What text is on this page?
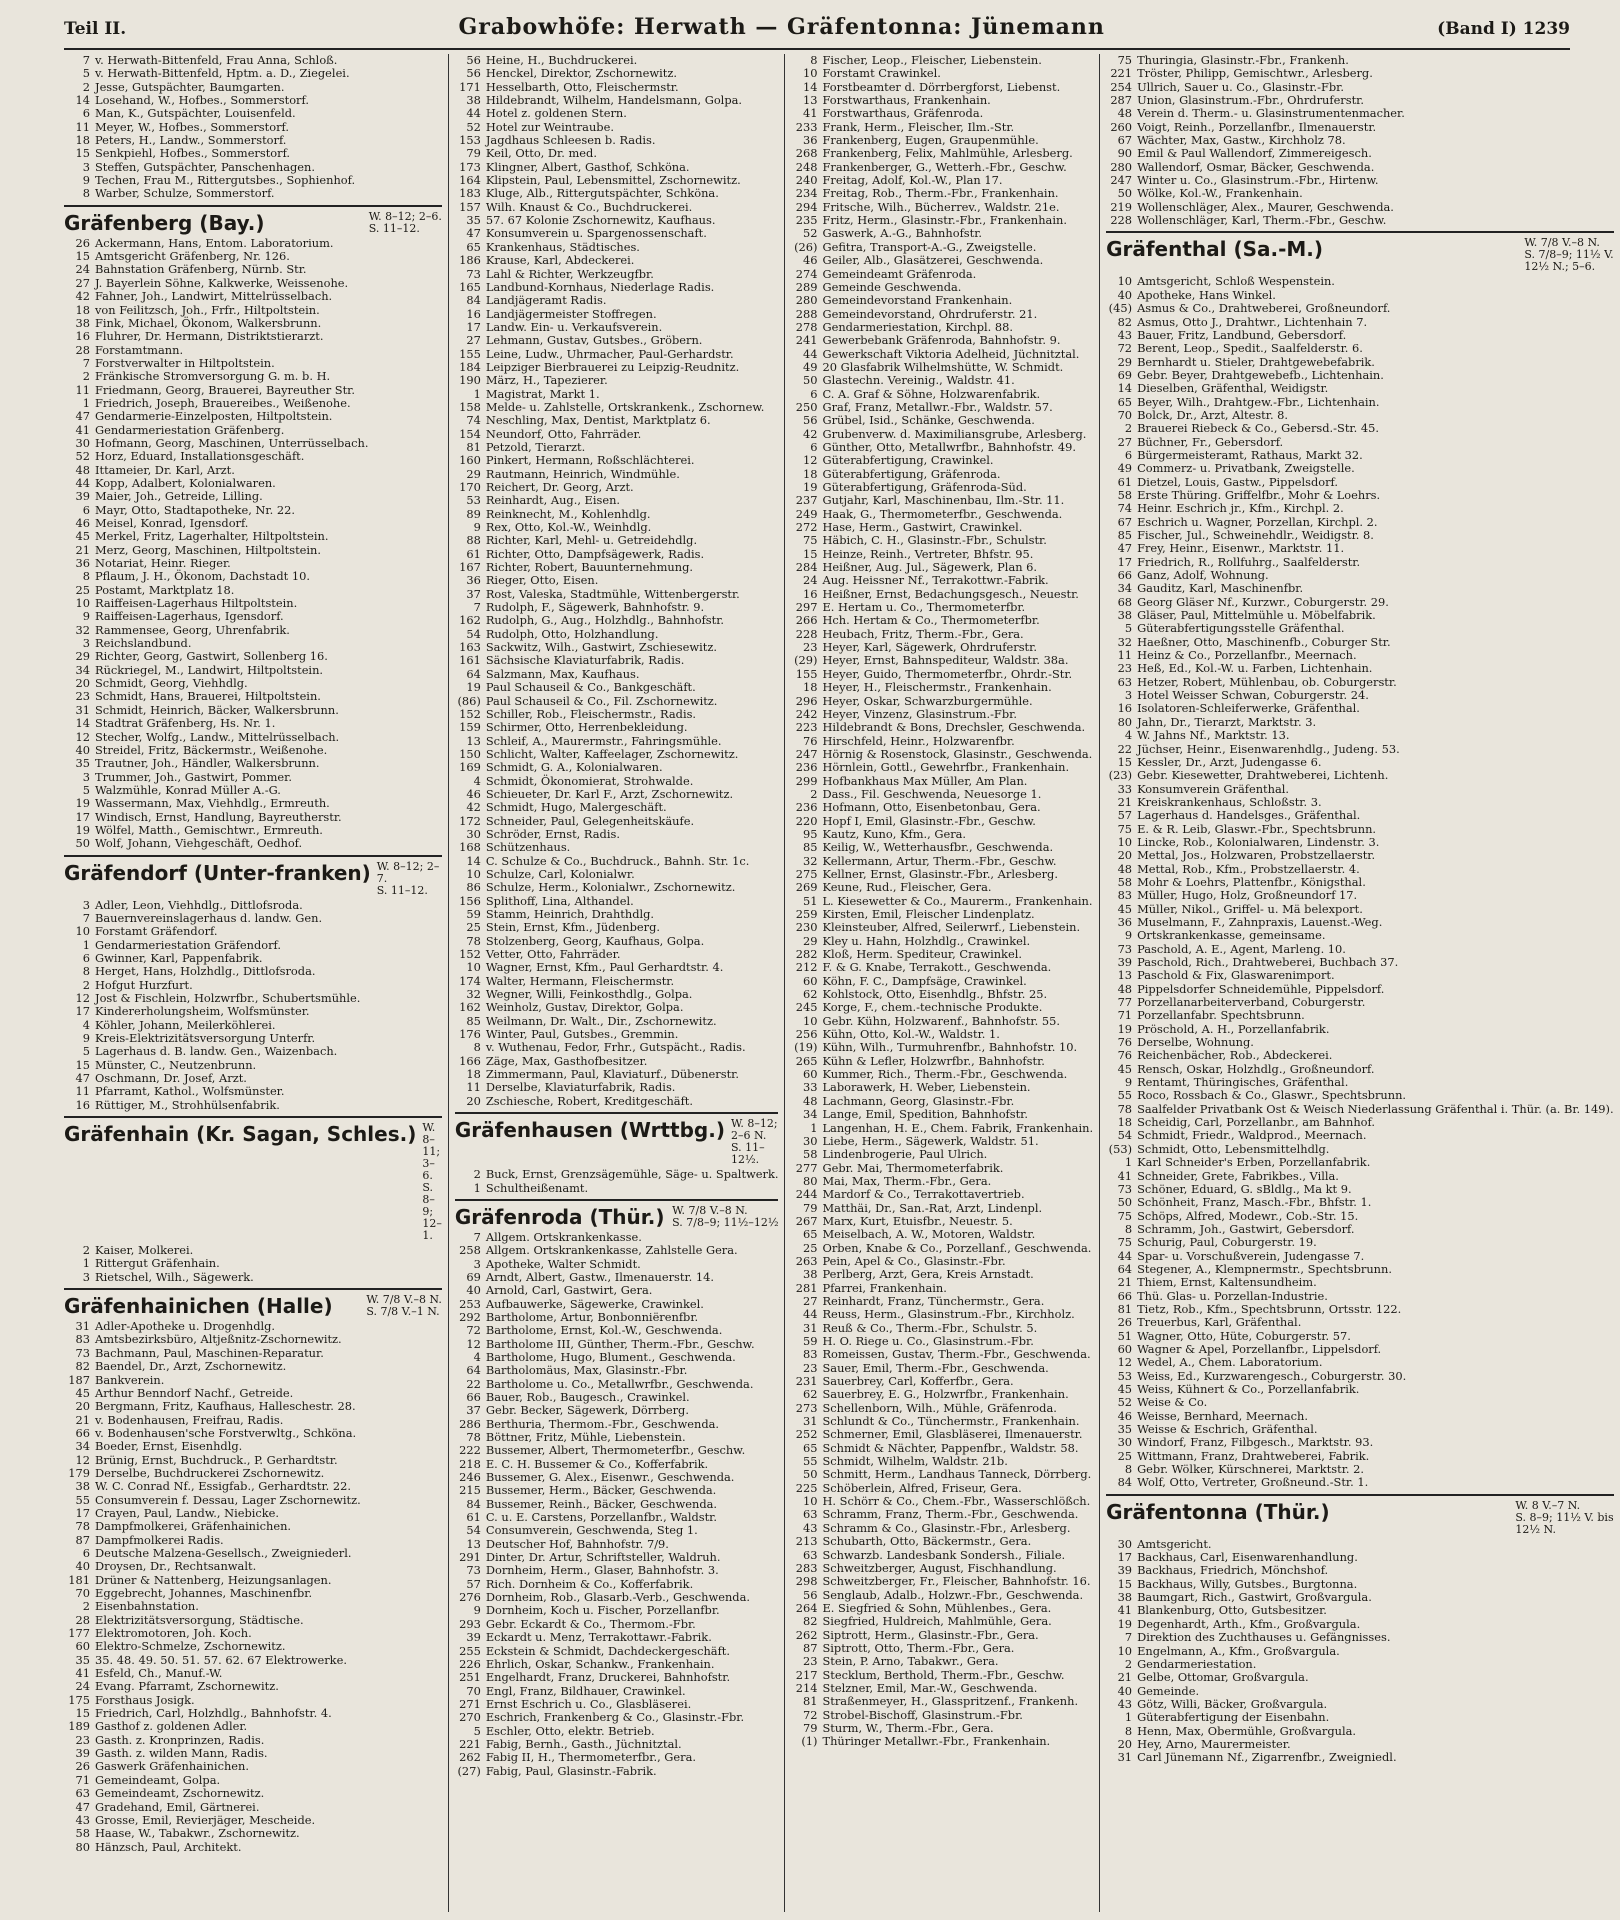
Teil II.	Grabowhöfe: Herwath — Gräfentonna: Jünemann	(Band I) 1239
7 v. Herwath-Bittenfeld, Frau Anna, Schloß.
5 v. Herwath-Bittenfeld, Hptm. a. D., Ziegelei.
2 Jesse, Gutspächter, Baumgarten.
14 Losehand, W., Hofbes., Sommerstorf.
6 Man, K., Gutspächter, Louisenfeld.
11 Meyer, W., Hofbes., Sommerstorf.
18 Peters, H., Landw., Sommerstorf.
15 Senkpiehl, Hofbes., Sommerstorf.
3 Steffen, Gutspächter, Panschenhagen.
9 Techen, Frau M., Rittergutsbes., Sophienhof.
8 Warber, Schulze, Sommerstorf.
Gräfenberg (Bay.)	W. 8–12; 2–6.
S. 11–12.
26 Ackermann, Hans, Entom. Laboratorium.
15 Amtsgericht Gräfenberg, Nr. 126.
24 Bahnstation Gräfenberg, Nürnb. Str.
27 J. Bayerlein Söhne, Kalkwerke, Weissenohe.
42 Fahner, Joh., Landwirt, Mittelrüsselbach.
18 von Feilitzsch, Joh., Frfr., Hiltpoltstein.
38 Fink, Michael, Ökonom, Walkersbrunn.
16 Fluhrer, Dr. Hermann, Distriktstierarzt.
28 Forstamtmann.
7 Forstverwalter in Hiltpoltstein.
2 Fränkische Stromversorgung G. m. b. H.
11 Friedmann, Georg, Brauerei, Bayreuther Str.
1 Friedrich, Joseph, Brauereibes., Weißenohe.
47 Gendarmerie-Einzelposten, Hiltpoltstein.
41 Gendarmeriestation Gräfenberg.
30 Hofmann, Georg, Maschinen, Unterrüsselbach.
52 Horz, Eduard, Installationsgeschäft.
48 Ittameier, Dr. Karl, Arzt.
44 Kopp, Adalbert, Kolonialwaren.
39 Maier, Joh., Getreide, Lilling.
6 Mayr, Otto, Stadtapotheke, Nr. 22.
46 Meisel, Konrad, Igensdorf.
45 Merkel, Fritz, Lagerhalter, Hiltpoltstein.
21 Merz, Georg, Maschinen, Hiltpoltstein.
36 Notariat, Heinr. Rieger.
8 Pflaum, J. H., Ökonom, Dachstadt 10.
25 Postamt, Marktplatz 18.
10 Raiffeisen-Lagerhaus Hiltpoltstein.
9 Raiffeisen-Lagerhaus, Igensdorf.
32 Rammensee, Georg, Uhrenfabrik.
3 Reichslandbund.
29 Richter, Georg, Gastwirt, Sollenberg 16.
34 Rückriegel, M., Landwirt, Hiltpoltstein.
20 Schmidt, Georg, Viehhdlg.
23 Schmidt, Hans, Brauerei, Hiltpoltstein.
31 Schmidt, Heinrich, Bäcker, Walkersbrunn.
14 Stadtrat Gräfenberg, Hs. Nr. 1.
12 Stecher, Wolfg., Landw., Mittelrüsselbach.
40 Streidel, Fritz, Bäckermstr., Weißenohe.
35 Trautner, Joh., Händler, Walkersbrunn.
3 Trummer, Joh., Gastwirt, Pommer.
5 Walzmühle, Konrad Müller A.-G.
19 Wassermann, Max, Viehhdlg., Ermreuth.
17 Windisch, Ernst, Handlung, Bayreutherstr.
19 Wölfel, Matth., Gemischtwr., Ermreuth.
50 Wolf, Johann, Viehgeschäft, Oedhof.
Gräfendorf (Unter-franken) W. 8–12; 2–7.
S. 11–12.
3 Adler, Leon, Viehhdlg., Dittlofsroda.
7 Bauernvereinslagerhaus d. landw. Gen.
10 Forstamt Gräfendorf.
1 Gendarmeriestation Gräfendorf.
6 Gwinner, Karl, Pappenfabrik.
8 Herget, Hans, Holzhdlg., Dittlofsroda.
2 Hofgut Hurzfurt.
12 Jost & Fischlein, Holzwrfbr., Schubertsmühle.
17 Kindererholungsheim, Wolfsmünster.
4 Köhler, Johann, Meilerköhlerei.
9 Kreis-Elektrizitätsversorgung Unterfr.
5 Lagerhaus d. B. landw. Gen., Waizenbach.
15 Münster, C., Neutzenbrunn.
47 Oschmann, Dr. Josef, Arzt.
11 Pfarramt, Kathol., Wolfsmünster.
16 Rüttiger, M., Strohhülsenfabrik.
Gräfenhain (Kr. Sagan, Schles.) W. 8–11; 3–6.
S. 8–9; 12–1.
2 Kaiser, Molkerei.
1 Rittergut Gräfenhain.
3 Rietschel, Wilh., Sägewerk.
Gräfenhainichen (Halle)	W. 7/8 V.–8 N.
S. 7/8 V.–1 N.
31 Adler-Apotheke u. Drogenhdlg.
83 Amtsbezirksbüro, Altjeßnitz-Zschornewitz.
73 Bachmann, Paul, Maschinen-Reparatur.
82 Baendel, Dr., Arzt, Zschornewitz.
187 Bankverein.
45 Arthur Benndorf Nachf., Getreide.
20 Bergmann, Fritz, Kaufhaus, Halleschestr. 28.
21 v. Bodenhausen, Freifrau, Radis.
66 v. Bodenhausen'sche Forstverwltg., Schköna.
34 Boeder, Ernst, Eisenhdlg.
12 Brünig, Ernst, Buchdruck., P. Gerhardtstr.
179 Derselbe, Buchdruckerei Zschornewitz.
38 W. C. Conrad Nf., Essigfab., Gerhardtstr. 22.
55 Consumverein f. Dessau, Lager Zschornewitz.
17 Crayen, Paul, Landw., Niebicke.
78 Dampfmolkerei, Gräfenhainichen.
87 Dampfmolkerei Radis.
6 Deutsche Malzena-Gesellsch., Zweigniederl.
40 Droysen, Dr., Rechtsanwalt.
181 Drüner & Nattenberg, Heizungsanlagen.
70 Eggebrecht, Johannes, Maschinenfbr.
2 Eisenbahnstation.
28 Elektrizitätsversorgung, Städtische.
177 Elektromotoren, Joh. Koch.
60 Elektro-Schmelze, Zschornewitz.
35 35. 48. 49. 50. 51. 57. 62. 67 Elektrowerke.
41 Esfeld, Ch., Manuf.-W.
24 Evang. Pfarramt, Zschornewitz.
175 Forsthaus Josigk.
15 Friedrich, Carl, Holzhdlg., Bahnhofstr. 4.
189 Gasthof z. goldenen Adler.
23 Gasth. z. Kronprinzen, Radis.
39 Gasth. z. wilden Mann, Radis.
26 Gaswerk Gräfenhainichen.
71 Gemeindeamt, Golpa.
63 Gemeindeamt, Zschornewitz.
47 Gradehand, Emil, Gärtnerei.
43 Grosse, Emil, Revierjäger, Mescheide.
58 Haase, W., Tabakwr., Zschornewitz.
80 Hänzsch, Paul, Architekt.
56 Heine, H., Buchdruckerei.
56 Henckel, Direktor, Zschornewitz.
171 Hesselbarth, Otto, Fleischermstr.
38 Hildebrandt, Wilhelm, Handelsmann, Golpa.
44 Hotel z. goldenen Stern.
52 Hotel zur Weintraube.
153 Jagdhaus Schleesen b. Radis.
79 Keil, Otto, Dr. med.
173 Klingner, Albert, Gasthof, Schköna.
164 Klipstein, Paul, Lebensmittel, Zschornewitz.
183 Kluge, Alb., Rittergutspächter, Schköna.
157 Wilh. Knaust & Co., Buchdruckerei.
35 57. 67 Kolonie Zschornewitz, Kaufhaus.
47 Konsumverein u. Spargenossenschaft.
65 Krankenhaus, Städtisches.
186 Krause, Karl, Abdeckerei.
73 Lahl & Richter, Werkzeugfbr.
165 Landbund-Kornhaus, Niederlage Radis.
84 Landjägeramt Radis.
16 Landjägermeister Stoffregen.
17 Landw. Ein- u. Verkaufsverein.
27 Lehmann, Gustav, Gutsbes., Gröbern.
155 Leine, Ludw., Uhrmacher, Paul-Gerhardstr.
184 Leipziger Bierbrauerei zu Leipzig-Reudnitz.
190 März, H., Tapezierer.
1 Magistrat, Markt 1.
158 Melde- u. Zahlstelle, Ortskrankenk., Zschornew.
74 Neschling, Max, Dentist, Marktplatz 6.
154 Neundorf, Otto, Fahrräder.
81 Petzold, Tierarzt.
160 Pinkert, Hermann, Roßschlächterei.
29 Rautmann, Heinrich, Windmühle.
170 Reichert, Dr. Georg, Arzt.
53 Reinhardt, Aug., Eisen.
89 Reinknecht, M., Kohlenhdlg.
9 Rex, Otto, Kol.-W., Weinhdlg.
88 Richter, Karl, Mehl- u. Getreidehdlg.
61 Richter, Otto, Dampfsägewerk, Radis.
167 Richter, Robert, Bauunternehmung.
36 Rieger, Otto, Eisen.
37 Rost, Valeska, Stadtmühle, Wittenbergerstr.
7 Rudolph, F., Sägewerk, Bahnhofstr. 9.
162 Rudolph, G., Aug., Holzhdlg., Bahnhofstr.
54 Rudolph, Otto, Holzhandlung.
163 Sackwitz, Wilh., Gastwirt, Zschiesewitz.
161 Sächsische Klaviaturfabrik, Radis.
64 Salzmann, Max, Kaufhaus.
19 Paul Schauseil & Co., Bankgeschäft.
(86) Paul Schauseil & Co., Fil. Zschornewitz.
152 Schiller, Rob., Fleischermstr., Radis.
159 Schirmer, Otto, Herrenbekleidung.
13 Schleif, A., Maurermstr., Fahringsmühle.
150 Schlicht, Walter, Kaffeelager, Zschornewitz.
169 Schmidt, G. A., Kolonialwaren.
4 Schmidt, Ökonomierat, Strohwalde.
46 Schieueter, Dr. Karl F., Arzt, Zschornewitz.
42 Schmidt, Hugo, Malergeschäft.
172 Schneider, Paul, Gelegenheitskäufe.
30 Schröder, Ernst, Radis.
168 Schützenhaus.
14 C. Schulze & Co., Buchdruck., Bahnh. Str. 1c.
10 Schulze, Carl, Kolonialwr.
86 Schulze, Herm., Kolonialwr., Zschornewitz.
156 Splithoff, Lina, Althandel.
59 Stamm, Heinrich, Drahthdlg.
25 Stein, Ernst, Kfm., Jüdenberg.
78 Stolzenberg, Georg, Kaufhaus, Golpa.
152 Vetter, Otto, Fahrräder.
10 Wagner, Ernst, Kfm., Paul Gerhardtstr. 4.
174 Walter, Hermann, Fleischermstr.
32 Wegner, Willi, Feinkosthdlg., Golpa.
162 Weinholz, Gustav, Direktor, Golpa.
85 Weilmann, Dr. Walt., Dir., Zschornewitz.
176 Winter, Paul, Gutsbes., Gremmin.
8 v. Wuthenau, Fedor, Frhr., Gutspächt., Radis.
166 Zäge, Max, Gasthofbesitzer.
18 Zimmermann, Paul, Klaviaturf., Dübenerstr.
11 Derselbe, Klaviaturfabrik, Radis.
20 Zschiesche, Robert, Kreditgeschäft.
Gräfenhausen (Wrttbg.) W. 8–12; 2–6 N.
S. 11–12½.
2 Buck, Ernst, Grenzsägemühle, Säge- u. Spaltwerk.
1 Schultheißenamt.
Gräfenroda (Thür.) W. 7/8 V.–8 N.
S. 7/8–9; 11½–12½
7 Allgem. Ortskrankenkasse.
258 Allgem. Ortskrankenkasse, Zahlstelle Gera.
3 Apotheke, Walter Schmidt.
69 Arndt, Albert, Gastw., Ilmenauerstr. 14.
40 Arnold, Carl, Gastwirt, Gera.
253 Aufbauwerke, Sägewerke, Crawinkel.
292 Bartholome, Artur, Bonbonniërenfbr.
72 Bartholome, Ernst, Kol.-W., Geschwenda.
12 Bartholome III, Günther, Therm.-Fbr., Geschw.
4 Bartholome, Hugo, Blument., Geschwenda.
64 Bartholomäus, Max, Glasinstr.-Fbr.
22 Bartholome u. Co., Metallwrfbr., Geschwenda.
66 Bauer, Rob., Baugesch., Crawinkel.
37 Gebr. Becker, Sägewerk, Dörrberg.
286 Berthuria, Thermom.-Fbr., Geschwenda.
78 Böttner, Fritz, Mühle, Liebenstein.
222 Bussemer, Albert, Thermometerfbr., Geschw.
218 E. C. H. Bussemer & Co., Kofferfabrik.
246 Bussemer, G. Alex., Eisenwr., Geschwenda.
215 Bussemer, Herm., Bäcker, Geschwenda.
84 Bussemer, Reinh., Bäcker, Geschwenda.
61 C. u. E. Carstens, Porzellanfbr., Waldstr.
54 Consumverein, Geschwenda, Steg 1.
13 Deutscher Hof, Bahnhofstr. 7/9.
291 Dinter, Dr. Artur, Schriftsteller, Waldruh.
73 Dornheim, Herm., Glaser, Bahnhofstr. 3.
57 Rich. Dornheim & Co., Kofferfabrik.
276 Dornheim, Rob., Glasarb.-Verb., Geschwenda.
9 Dornheim, Koch u. Fischer, Porzellanfbr.
293 Gebr. Eckardt & Co., Thermom.-Fbr.
39 Eckardt u. Menz, Terrakottawr.-Fabrik.
255 Eckstein & Schmidt, Dachdeckergeschäft.
226 Ehrlich, Oskar, Schankw., Frankenhain.
251 Engelhardt, Franz, Druckerei, Bahnhofstr.
70 Engl, Franz, Bildhauer, Crawinkel.
271 Ernst Eschrich u. Co., Glasbläserei.
270 Eschrich, Frankenberg & Co., Glasinstr.-Fbr.
5 Eschler, Otto, elektr. Betrieb.
221 Fabig, Bernh., Gasth., Jüchnitztal.
262 Fabig II, H., Thermometerfbr., Gera.
(27) Fabig, Paul, Glasinstr.-Fabrik.
8 Fischer, Leop., Fleischer, Liebenstein.
10 Forstamt Crawinkel.
14 Forstbeamter d. Dörrbergforst, Liebenst.
13 Forstwarthaus, Frankenhain.
41 Forstwarthaus, Gräfenroda.
233 Frank, Herm., Fleischer, Ilm.-Str.
36 Frankenberg, Eugen, Graupenmühle.
268 Frankenberg, Felix, Mahlmühle, Arlesberg.
248 Frankenberger, G., Wetterh.-Fbr., Geschw.
240 Freitag, Adolf, Kol.-W., Plan 17.
234 Freitag, Rob., Therm.-Fbr., Frankenhain.
294 Fritsche, Wilh., Bücherrev., Waldstr. 21e.
235 Fritz, Herm., Glasinstr.-Fbr., Frankenhain.
52 Gaswerk, A.-G., Bahnhofstr.
(26) Gefitra, Transport-A.-G., Zweigstelle.
46 Geiler, Alb., Glasätzerei, Geschwenda.
274 Gemeindeamt Gräfenroda.
289 Gemeinde Geschwenda.
280 Gemeindevorstand Frankenhain.
288 Gemeindevorstand, Ohrdruferstr. 21.
278 Gendarmeriestation, Kirchpl. 88.
241 Gewerbebank Gräfenroda, Bahnhofstr. 9.
44 Gewerkschaft Viktoria Adelheid, Jüchnitztal.
49 20 Glasfabrik Wilhelmshütte, W. Schmidt.
50 Glastechn. Vereinig., Waldstr. 41.
6 C. A. Graf & Söhne, Holzwarenfabrik.
250 Graf, Franz, Metallwr.-Fbr., Waldstr. 57.
56 Grübel, Isid., Schänke, Geschwenda.
42 Grubenverw. d. Maximiliansgrube, Arlesberg.
6 Günther, Otto, Metallwrfbr., Bahnhofstr. 49.
12 Güterabfertigung, Crawinkel.
18 Güterabfertigung, Gräfenroda.
19 Güterabfertigung, Gräfenroda-Süd.
237 Gutjahr, Karl, Maschinenbau, Ilm.-Str. 11.
249 Haak, G., Thermometerfbr., Geschwenda.
272 Hase, Herm., Gastwirt, Crawinkel.
75 Häbich, C. H., Glasinstr.-Fbr., Schulstr.
15 Heinze, Reinh., Vertreter, Bhfstr. 95.
284 Heißner, Aug. Jul., Sägewerk, Plan 6.
24 Aug. Heissner Nf., Terrakottwr.-Fabrik.
16 Heißner, Ernst, Bedachungsgesch., Neuestr.
297 E. Hertam u. Co., Thermometerfbr.
266 Hch. Hertam & Co., Thermometerfbr.
228 Heubach, Fritz, Therm.-Fbr., Gera.
23 Heyer, Karl, Sägewerk, Ohrdruferstr.
(29) Heyer, Ernst, Bahnspediteur, Waldstr. 38a.
155 Heyer, Guido, Thermometerfbr., Ohrdr.-Str.
18 Heyer, H., Fleischermstr., Frankenhain.
296 Heyer, Oskar, Schwarzburgermühle.
242 Heyer, Vinzenz, Glasinstrum.-Fbr.
223 Hildebrandt & Bons, Drechsler, Geschwenda.
76 Hirschfeld, Heinr., Holzwarenfbr.
247 Hörnig & Rosenstock, Glasinstr., Geschwenda.
236 Hörnlein, Gottl., Gewehrfbr., Frankenhain.
299 Hofbankhaus Max Müller, Am Plan.
2 Dass., Fil. Geschwenda, Neuesorge 1.
236 Hofmann, Otto, Eisenbetonbau, Gera.
220 Hopf I, Emil, Glasinstr.-Fbr., Geschw.
95 Kautz, Kuno, Kfm., Gera.
85 Keilig, W., Wetterhausfbr., Geschwenda.
32 Kellermann, Artur, Therm.-Fbr., Geschw.
275 Kellner, Ernst, Glasinstr.-Fbr., Arlesberg.
269 Keune, Rud., Fleischer, Gera.
51 L. Kiesewetter & Co., Maurerm., Frankenhain.
259 Kirsten, Emil, Fleischer Lindenplatz.
230 Kleinsteuber, Alfred, Seilerwrf., Liebenstein.
29 Kley u. Hahn, Holzhdlg., Crawinkel.
282 Kloß, Herm. Spediteur, Crawinkel.
212 F. & G. Knabe, Terrakott., Geschwenda.
60 Köhn, F. C., Dampfsäge, Crawinkel.
62 Kohlstock, Otto, Eisenhdlg., Bhfstr. 25.
245 Korge, F., chem.-technische Produkte.
10 Gebr. Kühn, Holzwarenf., Bahnhofstr. 55.
256 Kühn, Otto, Kol.-W., Waldstr. 1.
(19) Kühn, Wilh., Turmuhrenfbr., Bahnhofstr. 10.
265 Kühn & Lefler, Holzwrfbr., Bahnhofstr.
60 Kummer, Rich., Therm.-Fbr., Geschwenda.
33 Laborawerk, H. Weber, Liebenstein.
48 Lachmann, Georg, Glasinstr.-Fbr.
34 Lange, Emil, Spedition, Bahnhofstr.
1 Langenhan, H. E., Chem. Fabrik, Frankenhain.
30 Liebe, Herm., Sägewerk, Waldstr. 51.
58 Lindenbrogerie, Paul Ulrich.
277 Gebr. Mai, Thermometerfabrik.
80 Mai, Max, Therm.-Fbr., Gera.
244 Mardorf & Co., Terrakottavertrieb.
79 Matthäi, Dr., San.-Rat, Arzt, Lindenpl.
267 Marx, Kurt, Etuisfbr., Neuestr. 5.
65 Meiselbach, A. W., Motoren, Waldstr.
25 Orben, Knabe & Co., Porzellanf., Geschwenda.
263 Pein, Apel & Co., Glasinstr.-Fbr.
38 Perlberg, Arzt, Gera, Kreis Arnstadt.
281 Pfarrei, Frankenhain.
27 Reinhardt, Franz, Tünchermstr., Gera.
44 Reuss, Herm., Glasinstrum.-Fbr., Kirchholz.
31 Reuß & Co., Therm.-Fbr., Schulstr. 5.
59 H. O. Riege u. Co., Glasinstrum.-Fbr.
83 Romeissen, Gustav, Therm.-Fbr., Geschwenda.
23 Sauer, Emil, Therm.-Fbr., Geschwenda.
231 Sauerbrey, Carl, Kofferfbr., Gera.
62 Sauerbrey, E. G., Holzwrfbr., Frankenhain.
273 Schellenborn, Wilh., Mühle, Gräfenroda.
31 Schlundt & Co., Tünchermstr., Frankenhain.
252 Schmerner, Emil, Glasbläserei, Ilmenauerstr.
65 Schmidt & Nächter, Pappenfbr., Waldstr. 58.
55 Schmidt, Wilhelm, Waldstr. 21b.
50 Schmitt, Herm., Landhaus Tanneck, Dörrberg.
225 Schöberlein, Alfred, Friseur, Gera.
10 H. Schörr & Co., Chem.-Fbr., Wasserschlößch.
63 Schramm, Franz, Therm.-Fbr., Geschwenda.
43 Schramm & Co., Glasinstr.-Fbr., Arlesberg.
213 Schubarth, Otto, Bäckermstr., Gera.
63 Schwarzb. Landesbank Sondersh., Filiale.
283 Schweitzberger, August, Fischhandlung.
298 Schweitzberger, Fr., Fleischer, Bahnhofstr. 16.
56 Senglaub, Adalb., Holzwr.-Fbr., Geschwenda.
264 E. Siegfried & Sohn, Mühlenbes., Gera.
82 Siegfried, Huldreich, Mahlmühle, Gera.
262 Siptrott, Herm., Glasinstr.-Fbr., Gera.
87 Siptrott, Otto, Therm.-Fbr., Gera.
23 Stein, P. Arno, Tabakwr., Gera.
217 Stecklum, Berthold, Therm.-Fbr., Geschw.
214 Stelzner, Emil, Mar.-W., Geschwenda.
81 Straßenmeyer, H., Glasspritzenf., Frankenh.
72 Strobel-Bischoff, Glasinstrum.-Fbr.
79 Sturm, W., Therm.-Fbr., Gera.
(1) Thüringer Metallwr.-Fbr., Frankenhain.
75 Thuringia, Glasinstr.-Fbr., Frankenh.
221 Tröster, Philipp, Gemischtwr., Arlesberg.
254 Ullrich, Sauer u. Co., Glasinstr.-Fbr.
287 Union, Glasinstrum.-Fbr., Ohrdruferstr.
48 Verein d. Therm.- u. Glasinstrumentenmacher.
260 Voigt, Reinh., Porzellanfbr., Ilmenauerstr.
67 Wächter, Max, Gastw., Kirchholz 78.
90 Emil & Paul Wallendorf, Zimmereigesch.
280 Wallendorf, Osmar, Bäcker, Geschwenda.
247 Winter u. Co., Glasinstrum.-Fbr., Hirtenw.
50 Wölke, Kol.-W., Frankenhain.
219 Wollenschläger, Alex., Maurer, Geschwenda.
228 Wollenschläger, Karl, Therm.-Fbr., Geschw.
Gräfenthal (Sa.-M.)	W. 7/8 V.–8 N.
S. 7/8–9; 11½ V.
12½ N.; 5–6.
10 Amtsgericht, Schloß Wespenstein.
40 Apotheke, Hans Winkel.
(45) Asmus & Co., Drahtweberei, Großneundorf.
82 Asmus, Otto J., Drahtwr., Lichtenhain 7.
43 Bauer, Fritz, Landbund, Gebersdorf.
72 Berent, Leop., Spedit., Saalfelderstr. 6.
29 Bernhardt u. Stieler, Drahtgewebefabrik.
69 Gebr. Beyer, Drahtgewebefb., Lichtenhain.
14 Dieselben, Gräfenthal, Weidigstr.
65 Beyer, Wilh., Drahtgew.-Fbr., Lichtenhain.
70 Bolck, Dr., Arzt, Altestr. 8.
2 Brauerei Riebeck & Co., Gebersd.-Str. 45.
27 Büchner, Fr., Gebersdorf.
6 Bürgermeisteramt, Rathaus, Markt 32.
49 Commerz- u. Privatbank, Zweigstelle.
61 Dietzel, Louis, Gastw., Pippelsdorf.
58 Erste Thüring. Griffelfbr., Mohr & Loehrs.
74 Heinr. Eschrich jr., Kfm., Kirchpl. 2.
67 Eschrich u. Wagner, Porzellan, Kirchpl. 2.
85 Fischer, Jul., Schweinehdlr., Weidigstr. 8.
47 Frey, Heinr., Eisenwr., Marktstr. 11.
17 Friedrich, R., Rollfuhrg., Saalfelderstr.
66 Ganz, Adolf, Wohnung.
34 Gauditz, Karl, Maschinenfbr.
68 Georg Gläser Nf., Kurzwr., Coburgerstr. 29.
38 Gläser, Paul, Mittelmühle u. Möbelfabrik.
5 Güterabfertigungsstelle Gräfenthal.
32 Haeßner, Otto, Maschinenfb., Coburger Str.
11 Heinz & Co., Porzellanfbr., Meernach.
23 Heß, Ed., Kol.-W. u. Farben, Lichtenhain.
63 Hetzer, Robert, Mühlenbau, ob. Coburgerstr.
3 Hotel Weisser Schwan, Coburgerstr. 24.
16 Isolatoren-Schleiferwerke, Gräfenthal.
80 Jahn, Dr., Tierarzt, Marktstr. 3.
4 W. Jahns Nf., Marktstr. 13.
22 Jüchser, Heinr., Eisenwarenhdlg., Judeng. 53.
15 Kessler, Dr., Arzt, Judengasse 6.
(23) Gebr. Kiesewetter, Drahtweberei, Lichtenh.
33 Konsumverein Gräfenthal.
21 Kreiskrankenhaus, Schloßstr. 3.
57 Lagerhaus d. Handelsges., Gräfenthal.
75 E. & R. Leib, Glaswr.-Fbr., Spechtsbrunn.
10 Lincke, Rob., Kolonialwaren, Lindenstr. 3.
20 Mettal, Jos., Holzwaren, Probstzellaerstr.
48 Mettal, Rob., Kfm., Probstzellaerstr. 4.
58 Mohr & Loehrs, Plattenfbr., Königsthal.
83 Müller, Hugo, Holz, Großneundorf 17.
45 Müller, Nikol., Griffel- u. Mä belexport.
36 Muselmann, F., Zahnpraxis, Lauenst.-Weg.
9 Ortskrankenkasse, gemeinsame.
73 Paschold, A. E., Agent, Marleng. 10.
39 Paschold, Rich., Drahtweberei, Buchbach 37.
13 Paschold & Fix, Glaswarenimport.
48 Pippelsdorfer Schneidemühle, Pippelsdorf.
77 Porzellanarbeiterverband, Coburgerstr.
71 Porzellanfabr. Spechtsbrunn.
19 Pröschold, A. H., Porzellanfabrik.
76 Derselbe, Wohnung.
76 Reichenbächer, Rob., Abdeckerei.
45 Rensch, Oskar, Holzhdlg., Großneundorf.
9 Rentamt, Thüringisches, Gräfenthal.
55 Roco, Rossbach & Co., Glaswr., Spechtsbrunn.
78 Saalfelder Privatbank Ost & Weisch Niederlassung Gräfenthal i. Thür. (a. Br. 149).
18 Scheidig, Carl, Porzellanbr., am Bahnhof.
54 Schmidt, Friedr., Waldprod., Meernach.
(53) Schmidt, Otto, Lebensmittelhdlg.
1 Karl Schneider's Erben, Porzellanfabrik.
41 Schneider, Grete, Fabrikbes., Villa.
73 Schöner, Eduard, G. sBldlg., Ma kt 9.
50 Schönheit, Franz, Masch.-Fbr., Bhfstr. 1.
75 Schöps, Alfred, Modewr., Cob.-Str. 15.
8 Schramm, Joh., Gastwirt, Gebersdorf.
75 Schurig, Paul, Coburgerstr. 19.
44 Spar- u. Vorschußverein, Judengasse 7.
64 Stegener, A., Klempnermstr., Spechtsbrunn.
21 Thiem, Ernst, Kaltensundheim.
66 Thü. Glas- u. Porzellan-Industrie.
81 Tietz, Rob., Kfm., Spechtsbrunn, Ortsstr. 122.
26 Treuerbus, Karl, Gräfenthal.
51 Wagner, Otto, Hüte, Coburgerstr. 57.
60 Wagner & Apel, Porzellanfbr., Lippelsdorf.
12 Wedel, A., Chem. Laboratorium.
53 Weiss, Ed., Kurzwarengesch., Coburgerstr. 30.
45 Weiss, Kühnert & Co., Porzellanfabrik.
52 Weise & Co.
46 Weisse, Bernhard, Meernach.
35 Weisse & Eschrich, Gräfenthal.
30 Windorf, Franz, Filbgesch., Marktstr. 93.
25 Wittmann, Franz, Drahtweberei, Fabrik.
8 Gebr. Wölker, Kürschnerei, Marktstr. 2.
84 Wolf, Otto, Vertreter, Großneund.-Str. 1.
Gräfentonna (Thür.)	W. 8 V.–7 N.
S. 8–9; 11½ V. bis
12½ N.
30 Amtsgericht.
17 Backhaus, Carl, Eisenwarenhandlung.
39 Backhaus, Friedrich, Mönchshof.
15 Backhaus, Willy, Gutsbes., Burgtonna.
38 Baumgart, Rich., Gastwirt, Großvargula.
41 Blankenburg, Otto, Gutsbesitzer.
19 Degenhardt, Arth., Kfm., Großvargula.
7 Direktion des Zuchthauses u. Gefängnisses.
10 Engelmann, A., Kfm., Großvargula.
2 Gendarmeriestation.
21 Gelbe, Ottomar, Großvargula.
40 Gemeinde.
43 Götz, Willi, Bäcker, Großvargula.
1 Güterabfertigung der Eisenbahn.
8 Henn, Max, Obermühle, Großvargula.
20 Hey, Arno, Maurermeister.
31 Carl Jünemann Nf., Zigarrenfbr., Zweigniedl.
